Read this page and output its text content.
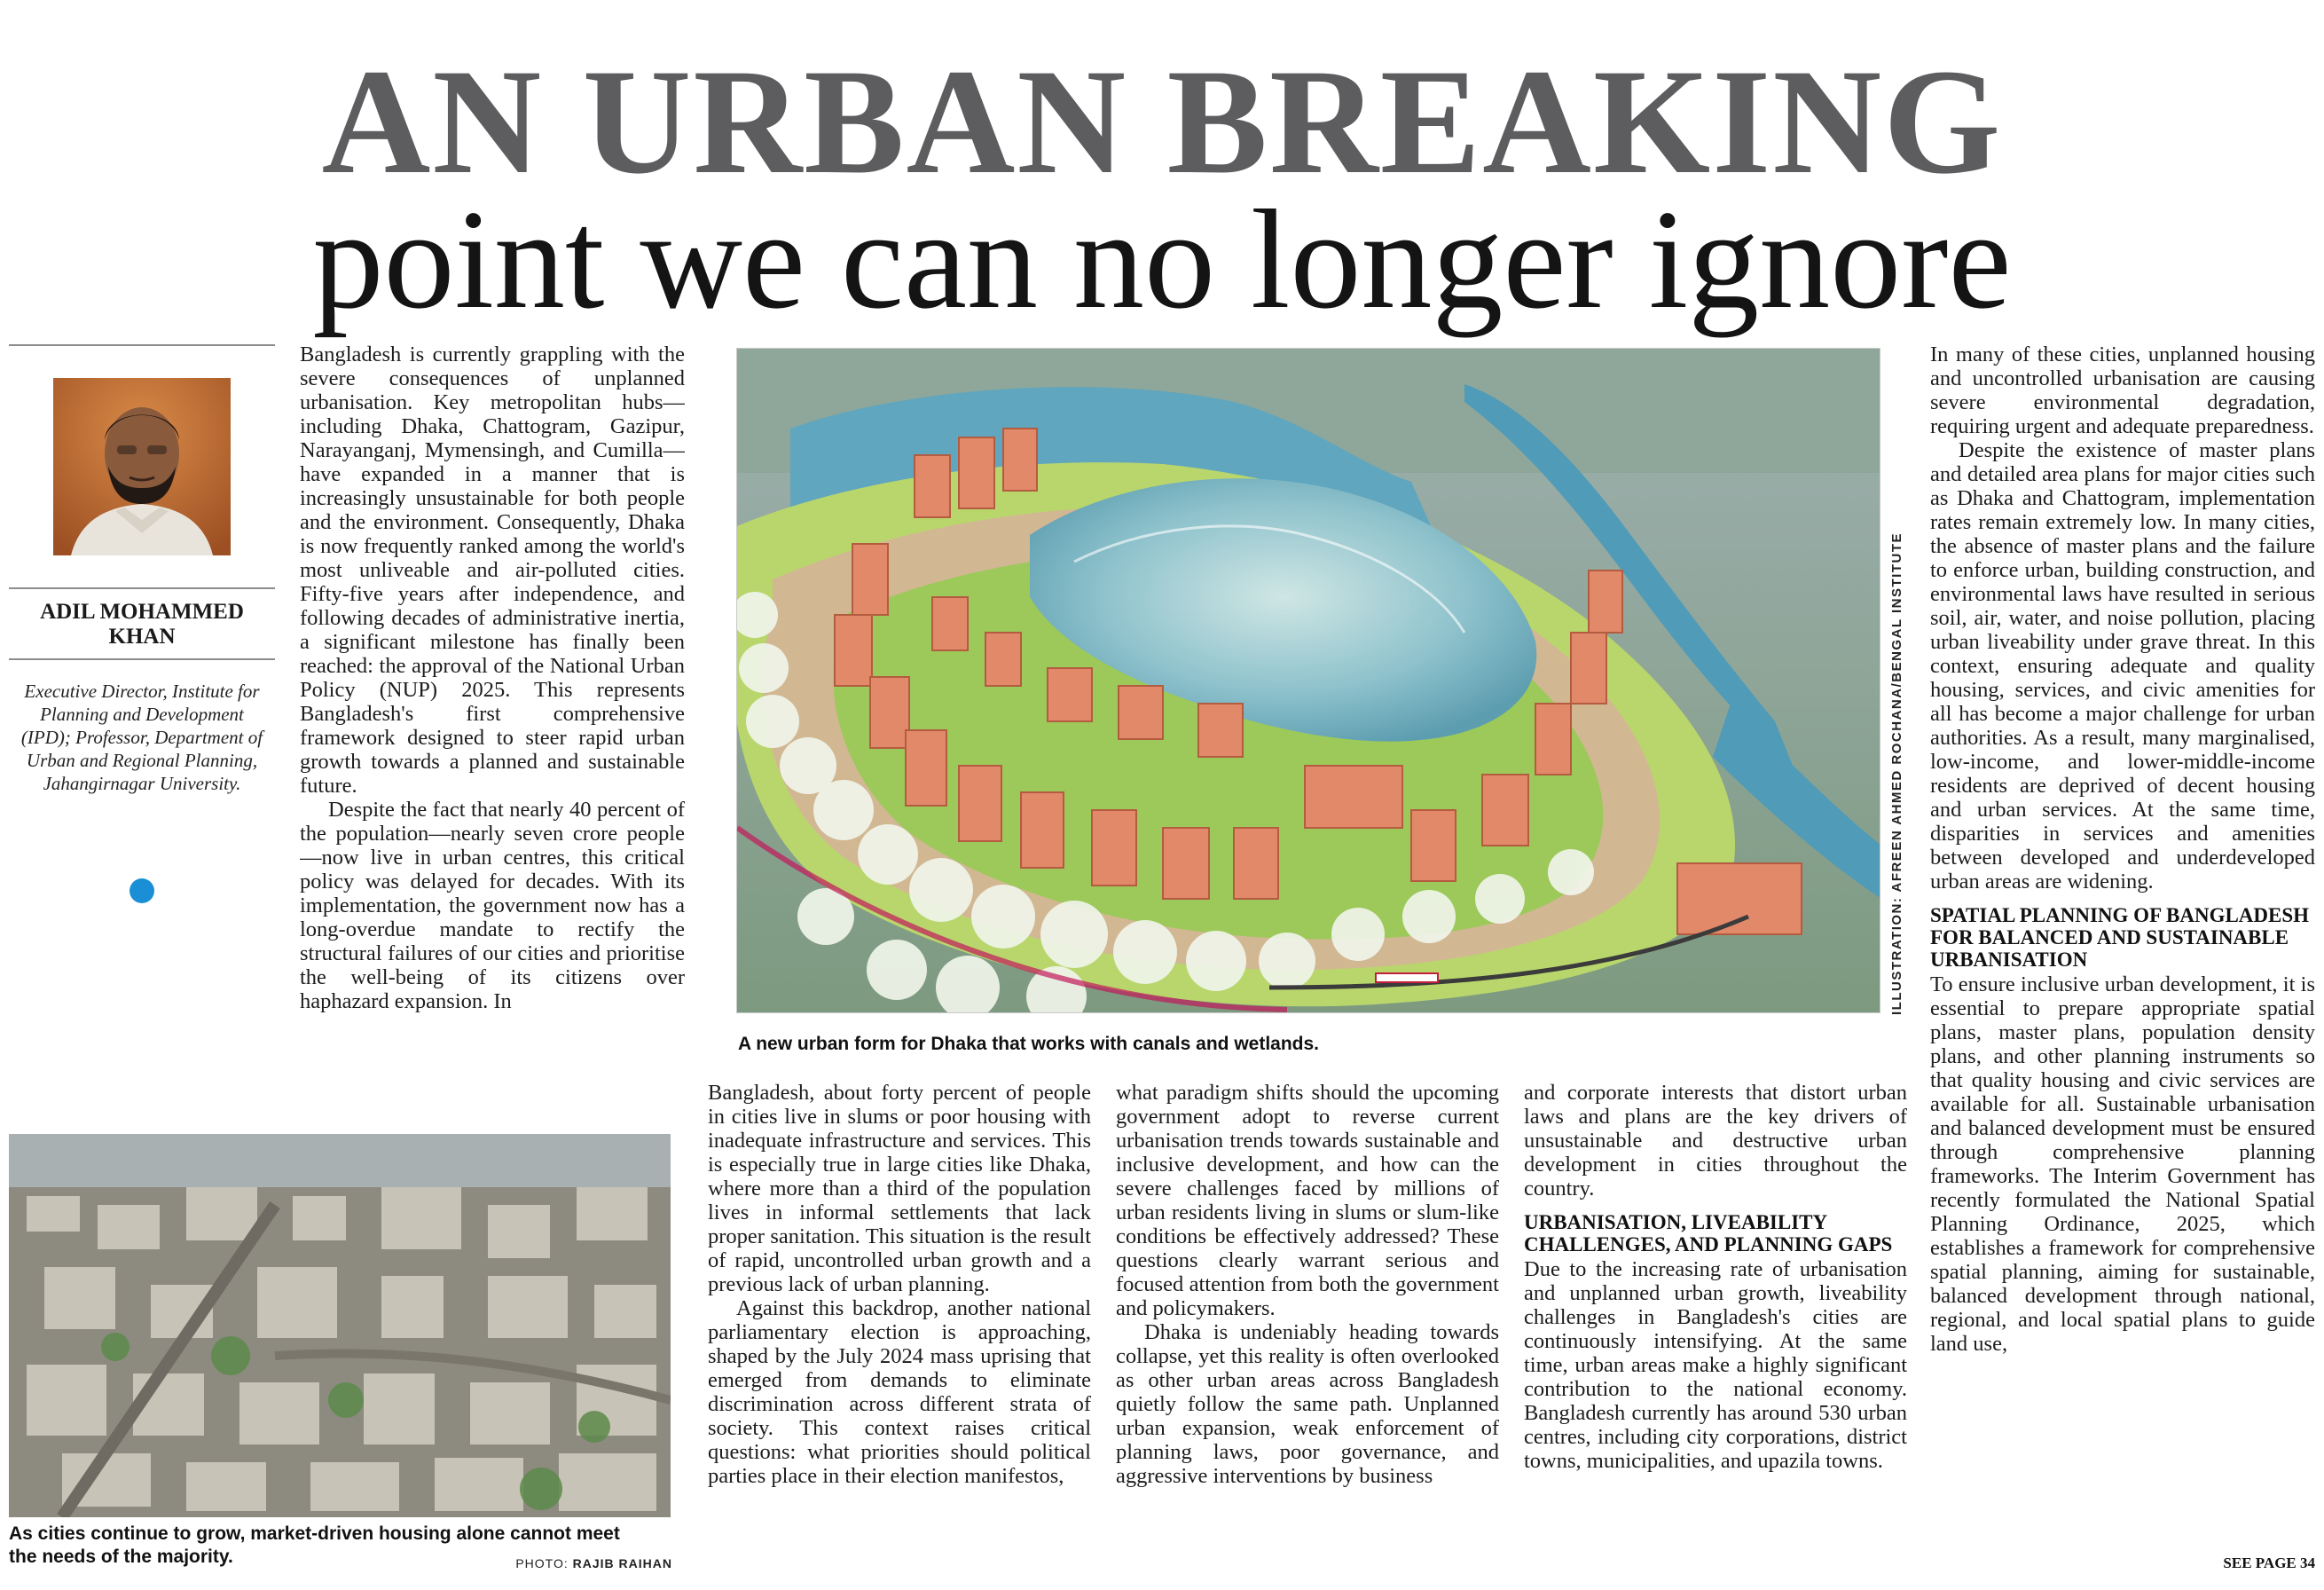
AN URBAN BREAKING
point we can no longer ignore
ADIL MOHAMMED KHAN
Executive Director, Institute for Planning and Development (IPD); Professor, Department of Urban and Regional Planning, Jahangirnagar University.

Bangladesh is currently grappling with the severe consequences of unplanned urbanisation. Key metropolitan hubs—including Dhaka, Chattogram, Gazipur, Narayanganj, Mymensingh, and Cumilla—have expanded in a manner that is increasingly unsustainable for both people and the environment. Consequently, Dhaka is now frequently ranked among the world's most unliveable and air-polluted cities. Fifty-five years after independence, and following decades of administrative inertia, a significant milestone has finally been reached: the approval of the National Urban Policy (NUP) 2025. This represents Bangladesh's first comprehensive framework designed to steer rapid urban growth towards a planned and sustainable future.

Despite the fact that nearly 40 percent of the population—nearly seven crore people—now live in urban centres, this critical policy was delayed for decades. With its implementation, the government now has a long-overdue mandate to rectify the structural failures of our cities and prioritise the well-being of its citizens over haphazard expansion. In	ILLUSTRATION: AFREEN AHMED ROCHANA/BENGAL INSTITUTE
A new urban form for Dhaka that works with canals and wetlands.
As cities continue to grow, market-driven housing alone cannot meet the needs of the majority.	PHOTO: RAJIB RAIHAN

Bangladesh, about forty percent of people in cities live in slums or poor housing with inadequate infrastructure and services. This is especially true in large cities like Dhaka, where more than a third of the population lives in informal settlements that lack proper sanitation. This situation is the result of rapid, uncontrolled urban growth and a previous lack of urban planning.

Against this backdrop, another national parliamentary election is approaching, shaped by the July 2024 mass uprising that emerged from demands to eliminate discrimination across different strata of society. This context raises critical questions: what priorities should political parties place in their election manifestos,

what paradigm shifts should the upcoming government adopt to reverse current urbanisation trends towards sustainable and inclusive development, and how can the severe challenges faced by millions of urban residents living in slums or slum-like conditions be effectively addressed? These questions clearly warrant serious and focused attention from both the government and policymakers.

Dhaka is undeniably heading towards collapse, yet this reality is often overlooked as other urban areas across Bangladesh quietly follow the same path. Unplanned urban expansion, weak enforcement of planning laws, poor governance, and aggressive interventions by business

and corporate interests that distort urban laws and plans are the key drivers of unsustainable and destructive urban development in cities throughout the country.

URBANISATION, LIVEABILITY CHALLENGES, AND PLANNING GAPS

Due to the increasing rate of urbanisation and unplanned urban growth, liveability challenges in Bangladesh's cities are continuously intensifying. At the same time, urban areas make a highly significant contribution to the national economy. Bangladesh currently has around 530 urban centres, including city corporations, district towns, municipalities, and upazila towns.

In many of these cities, unplanned housing and uncontrolled urbanisation are causing severe environmental degradation, requiring urgent and adequate preparedness.

Despite the existence of master plans and detailed area plans for major cities such as Dhaka and Chattogram, implementation rates remain extremely low. In many cities, the absence of master plans and the failure to enforce urban, building construction, and environmental laws have resulted in serious soil, air, water, and noise pollution, placing urban liveability under grave threat. In this context, ensuring adequate and quality housing, services, and civic amenities for all has become a major challenge for urban authorities. As a result, many marginalised, low-income, and lower-middle-income residents are deprived of decent housing and urban services. At the same time, disparities in services and amenities between developed and underdeveloped urban areas are widening.

SPATIAL PLANNING OF BANGLADESH FOR BALANCED AND SUSTAINABLE URBANISATION

To ensure inclusive urban development, it is essential to prepare appropriate spatial plans, master plans, population density plans, and other planning instruments so that quality housing and civic services are available for all. Sustainable urbanisation and balanced development must be ensured through comprehensive planning frameworks. The Interim Government has recently formulated the National Spatial Planning Ordinance, 2025, which establishes a framework for comprehensive spatial planning, aiming for sustainable, balanced development through national, regional, and local spatial plans to guide land use,

SEE PAGE 34
